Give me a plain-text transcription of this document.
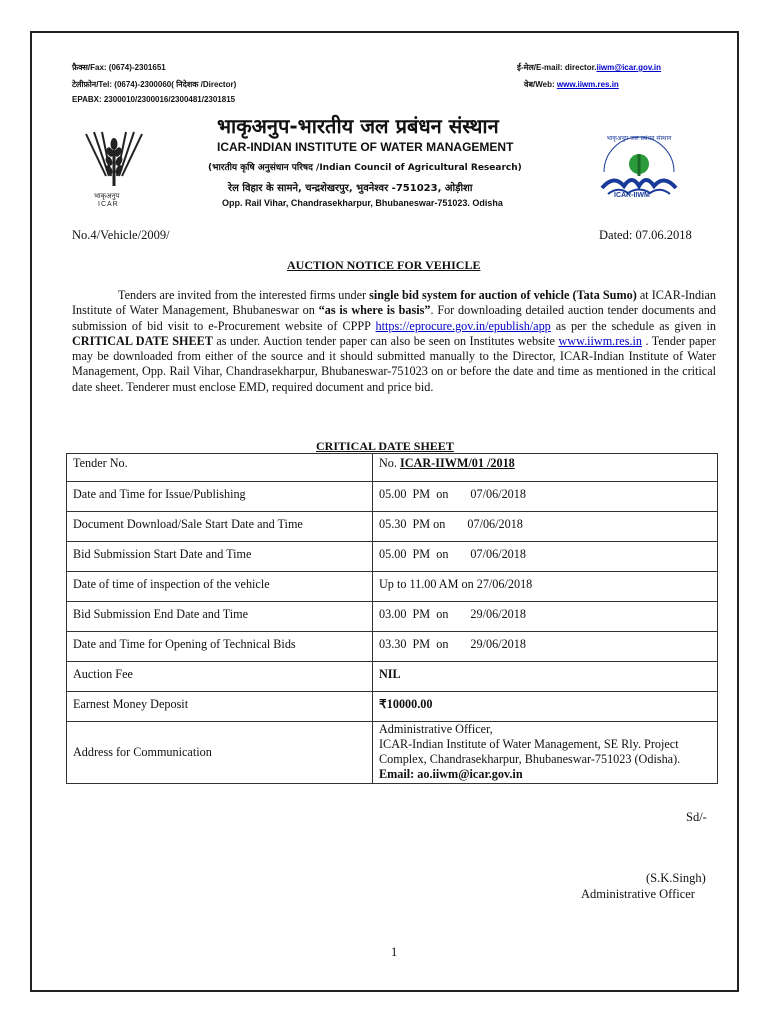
फ़ैक्स/Fax: (0674)-2301651
टेलीफ़ोन/Tel: (0674)-2300060( निदेशक /Director)
EPABX: 2300010/2300016/2300481/2301815
ई-मेल/E-mail: director.iiwm@icar.gov.in
वेब/Web: www.iiwm.res.in
भाकृअनुप
ICAR
भाकृअनुप-भारतीय जल प्रबंधन संस्थान
ICAR-INDIAN INSTITUTE OF WATER MANAGEMENT
(भारतीय कृषि अनुसंधान परिषद /Indian Council of Agricultural Research)
रेल विहार के सामने, चन्द्रशेखरपुर, भुवनेश्वर -751023, ओड़ीशा
Opp. Rail Vihar, Chandrasekharpur, Bhubaneswar-751023. Odisha
भाकृअनुप जल प्रबंधन संस्थान
ICAR-IIWM
No.4/Vehicle/2009/	Dated: 07.06.2018
AUCTION NOTICE FOR VEHICLE
Tenders are invited from the interested firms under single bid system for auction of vehicle (Tata Sumo) at ICAR-Indian Institute of Water Management, Bhubaneswar on “as is where is basis”. For downloading detailed auction tender documents and submission of bid visit to e-Procurement website of CPPP https://eprocure.gov.in/epublish/app as per the schedule as given in CRITICAL DATE SHEET as under. Auction tender paper can also be seen on Institutes website www.iiwm.res.in . Tender paper may be downloaded from either of the source and it should submitted manually to the Director, ICAR-Indian Institute of Water Management, Opp. Rail Vihar, Chandrasekharpur, Bhubaneswar-751023 on or before the date and time as mentioned in the critical date sheet. Tenderer must enclose EMD, required document and price bid.
CRITICAL DATE SHEET
Tender No.	No. ICAR-IIWM/01 /2018
Date and Time for Issue/Publishing	05.00  PM  on 07/06/2018
Document Download/Sale Start Date and Time	05.30  PM on 07/06/2018
Bid Submission Start Date and Time	05.00  PM  on 07/06/2018
Date of time of inspection of the vehicle	Up to 11.00 AM on 27/06/2018
Bid Submission End Date and Time	03.00  PM  on 29/06/2018
Date and Time for Opening of Technical Bids	03.30  PM  on 29/06/2018
Auction Fee	NIL
Earnest Money Deposit	₹10000.00
Address for Communication	Administrative Officer,
ICAR-Indian Institute of Water Management, SE Rly. Project Complex, Chandrasekharpur, Bhubaneswar-751023 (Odisha). Email: ao.iiwm@icar.gov.in
Sd/-
(S.K.Singh)
Administrative Officer
1
